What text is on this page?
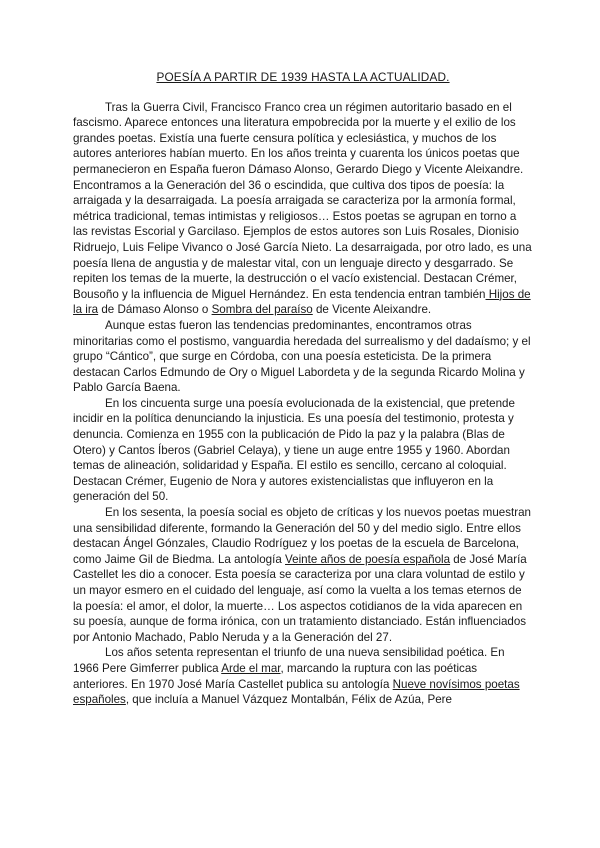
POESÍA A PARTIR DE 1939 HASTA LA ACTUALIDAD.

Tras la Guerra Civil, Francisco Franco crea un régimen autoritario basado en el fascismo. Aparece entonces una literatura empobrecida por la muerte y el exilio de los grandes poetas. Existía una fuerte censura política y eclesiástica, y muchos de los autores anteriores habían muerto. En los años treinta y cuarenta los únicos poetas que permanecieron en España fueron Dámaso Alonso, Gerardo Diego y Vicente Aleixandre. Encontramos a la Generación del 36 o escindida, que cultiva dos tipos de poesía: la arraigada y la desarraigada. La poesía arraigada se caracteriza por la armonía formal, métrica tradicional, temas intimistas y religiosos… Estos poetas se agrupan en torno a las revistas Escorial y Garcilaso. Ejemplos de estos autores son Luis Rosales, Dionisio Ridruejo, Luis Felipe Vivanco o José García Nieto. La desarraigada, por otro lado, es una poesía llena de angustia y de malestar vital, con un lenguaje directo y desgarrado. Se repiten los temas de la muerte, la destrucción o el vacío existencial. Destacan Crémer, Bousoño y la influencia de Miguel Hernández. En esta tendencia entran también Hijos de la ira de Dámaso Alonso o Sombra del paraíso de Vicente Aleixandre.

Aunque estas fueron las tendencias predominantes, encontramos otras minoritarias como el postismo, vanguardia heredada del surrealismo y del dadaísmo; y el grupo “Cántico”, que surge en Córdoba, con una poesía esteticista. De la primera destacan Carlos Edmundo de Ory o Miguel Labordeta y de la segunda Ricardo Molina y Pablo García Baena.

En los cincuenta surge una poesía evolucionada de la existencial, que pretende incidir en la política denunciando la injusticia. Es una poesía del testimonio, protesta y denuncia. Comienza en 1955 con la publicación de Pido la paz y la palabra (Blas de Otero) y Cantos Íberos (Gabriel Celaya), y tiene un auge entre 1955 y 1960. Abordan temas de alineación, solidaridad y España. El estilo es sencillo, cercano al coloquial. Destacan Crémer, Eugenio de Nora y autores existencialistas que influyeron en la generación del 50.

En los sesenta, la poesía social es objeto de críticas y los nuevos poetas muestran una sensibilidad diferente, formando la Generación del 50 y del medio siglo. Entre ellos destacan Ángel Gónzales, Claudio Rodríguez y los poetas de la escuela de Barcelona, como Jaime Gil de Biedma. La antología Veinte años de poesía española de José María Castellet les dio a conocer. Esta poesía se caracteriza por una clara voluntad de estilo y un mayor esmero en el cuidado del lenguaje, así como la vuelta a los temas eternos de la poesía: el amor, el dolor, la muerte… Los aspectos cotidianos de la vida aparecen en su poesía, aunque de forma irónica, con un tratamiento distanciado. Están influenciados por Antonio Machado, Pablo Neruda y a la Generación del 27.

Los años setenta representan el triunfo de una nueva sensibilidad poética. En 1966 Pere Gimferrer publica Arde el mar, marcando la ruptura con las poéticas anteriores. En 1970 José María Castellet publica su antología Nueve novísimos poetas españoles, que incluía a Manuel Vázquez Montalbán, Félix de Azúa, Pere
